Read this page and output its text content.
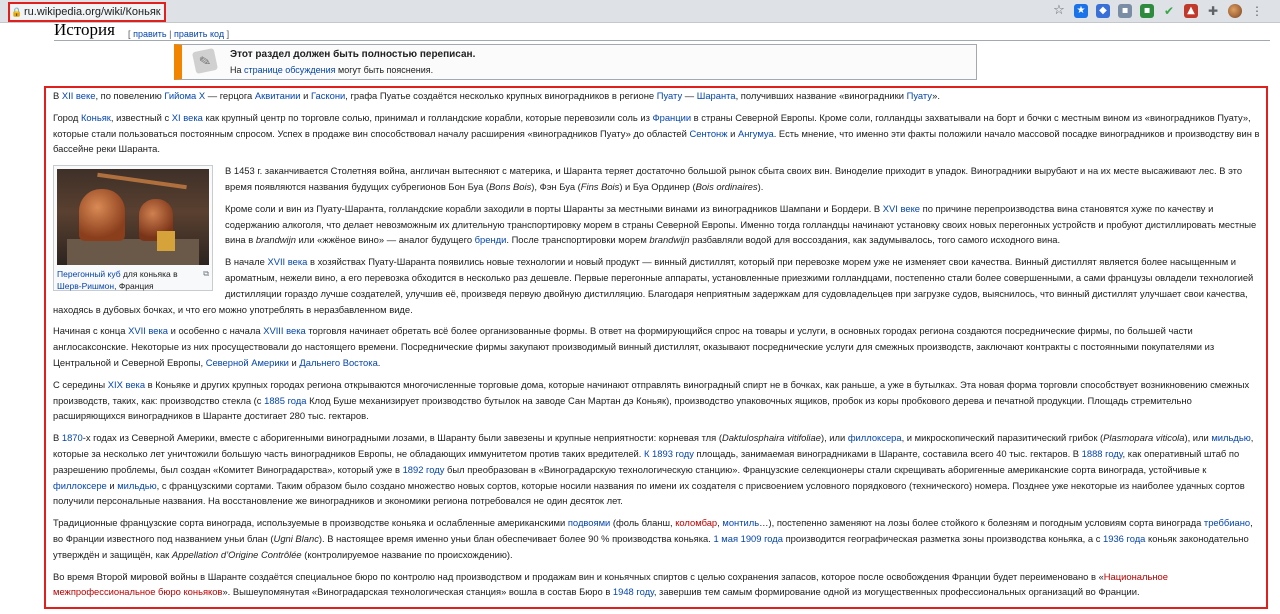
🔒ru.wikipedia.org/wiki/Коньяк	☆ ★	◆	▪	▪	✔	▲ ✚	⋮
История [ править | править код ]
✎	Этот раздел должен быть полностью переписан.
На странице обсуждения могут быть пояснения.

В XII веке, по повелению Гийома X — герцога Аквитании и Гаскони, графа Пуатье создаётся несколько крупных виноградников в регионе Пуату — Шаранта, получивших название «виноградники Пуату».

Город Коньяк, известный с XI века как крупный центр по торговле солью, принимал и голландские корабли, которые перевозили соль из Франции в страны Северной Европы. Кроме соли, голландцы захватывали на борт и бочки с местным вином из «виноградников Пуату», которые стали пользоваться постоянным спросом. Успех в продаже вин способствовал началу расширения «виноградников Пуату» до областей Сентонж и Ангумуа. Есть мнение, что именно эти факты положили начало массовой посадке виноградников и производству вин в бассейне реки Шаранта.

⧉
Перегонный куб для коньяка в Шерв-Ришмон, Франция

В 1453 г. заканчивается Столетняя война, англичан вытесняют с материка, и Шаранта теряет достаточно большой рынок сбыта своих вин. Виноделие приходит в упадок. Виноградники вырубают и на их месте высаживают лес. В это время появляются названия будущих субрегионов Бон Буа (Bons Bois), Фэн Буа (Fins Bois) и Буа Ординер (Bois ordinaires).

Кроме соли и вин из Пуату-Шаранта, голландские корабли заходили в порты Шаранты за местными винами из виноградников Шампани и Бордери. В XVI веке по причине перепроизводства вина становятся хуже по качеству и содержанию алкоголя, что делает невозможным их длительную транспортировку морем в страны Северной Европы. Именно тогда голландцы начинают установку своих новых перегонных устройств и пробуют дистиллировать местные вина в brandwijn или «жжёное вино» — аналог будущего бренди. После транспортировки морем brandwijn разбавляли водой для воссоздания, как задумывалось, того самого исходного вина.

В начале XVII века в хозяйствах Пуату-Шаранта появились новые технологии и новый продукт — винный дистиллят, который при перевозке морем уже не изменяет свои качества. Винный дистиллят является более насыщенным и ароматным, нежели вино, а его перевозка обходится в несколько раз дешевле. Первые перегонные аппараты, установленные приезжими голландцами, постепенно стали более совершенными, а сами французы овладели технологией дистилляции гораздо лучше создателей, улучшив её, произведя первую двойную дистилляцию. Благодаря неприятным задержкам для судовладельцев при загрузке судов, выяснилось, что винный дистиллят улучшает свои качества, находясь в дубовых бочках, и что его можно употреблять в неразбавленном виде.

Начиная с конца XVII века и особенно с начала XVIII века торговля начинает обретать всё более организованные формы. В ответ на формирующийся спрос на товары и услуги, в основных городах региона создаются посреднические фирмы, по большей части англосаксонские. Некоторые из них просуществовали до настоящего времени. Посреднические фирмы закупают производимый винный дистиллят, оказывают посреднические услуги для смежных производств, заключают контракты с постоянными покупателями из Центральной и Северной Европы, Северной Америки и Дальнего Востока.

С середины XIX века в Коньяке и других крупных городах региона открываются многочисленные торговые дома, которые начинают отправлять виноградный спирт не в бочках, как раньше, а уже в бутылках. Эта новая форма торговли способствует возникновению смежных производств, таких, как: производство стекла (с 1885 года Клод Буше механизирует производство бутылок на заводе Сан Мартан дэ Коньяк), производство упаковочных ящиков, пробок из коры пробкового дерева и печатной продукции. Площадь стремительно расширяющихся виноградников в Шаранте достигает 280 тыс. гектаров.

В 1870-х годах из Северной Америки, вместе с аборигенными виноградными лозами, в Шаранту были завезены и крупные неприятности: корневая тля (Daktulosphaira vitifoliae), или филлоксера, и микроскопический паразитический грибок (Plasmopara viticola), или мильдью, которые за несколько лет уничтожили большую часть виноградников Европы, не обладающих иммунитетом против таких вредителей. К 1893 году площадь, занимаемая виноградниками в Шаранте, составила всего 40 тыс. гектаров. В 1888 году, как оперативный штаб по разрешению проблемы, был создан «Комитет Виноградарства», который уже в 1892 году был преобразован в «Виноградарскую технологическую станцию». Французские селекционеры стали скрещивать аборигенные американские сорта винограда, устойчивые к филлоксере и мильдью, с французскими сортами. Таким образом было создано множество новых сортов, которые носили названия по имени их создателя с присвоением условного порядкового (технического) номера. Позднее уже некоторые из наиболее удачных сортов получили персональные названия. На восстановление же виноградников и экономики региона потребовался не один десяток лет.

Традиционные французские сорта винограда, используемые в производстве коньяка и ослабленные американскими подвоями (фоль бланш, коломбар, монтиль…), постепенно заменяют на лозы более стойкого к болезням и погодным условиям сорта винограда треббиано, во Франции известного под названием уньи блан (Ugni Blanc). В настоящее время именно уньи блан обеспечивает более 90 % производства коньяка. 1 мая 1909 года производится географическая разметка зоны производства коньяка, а с 1936 года коньяк законодательно утверждён и защищён, как Appellation d’Origine Contrôlée (контролируемое название по происхождению).

Во время Второй мировой войны в Шаранте создаётся специальное бюро по контролю над производством и продажам вин и коньячных спиртов с целью сохранения запасов, которое после освобождения Франции будет переименовано в «Национальное межпрофессиональное бюро коньяков». Вышеупомянутая «Виноградарская технологическая станция» вошла в состав Бюро в 1948 году, завершив тем самым формирование одной из могущественных профессиональных организаций во Франции.
